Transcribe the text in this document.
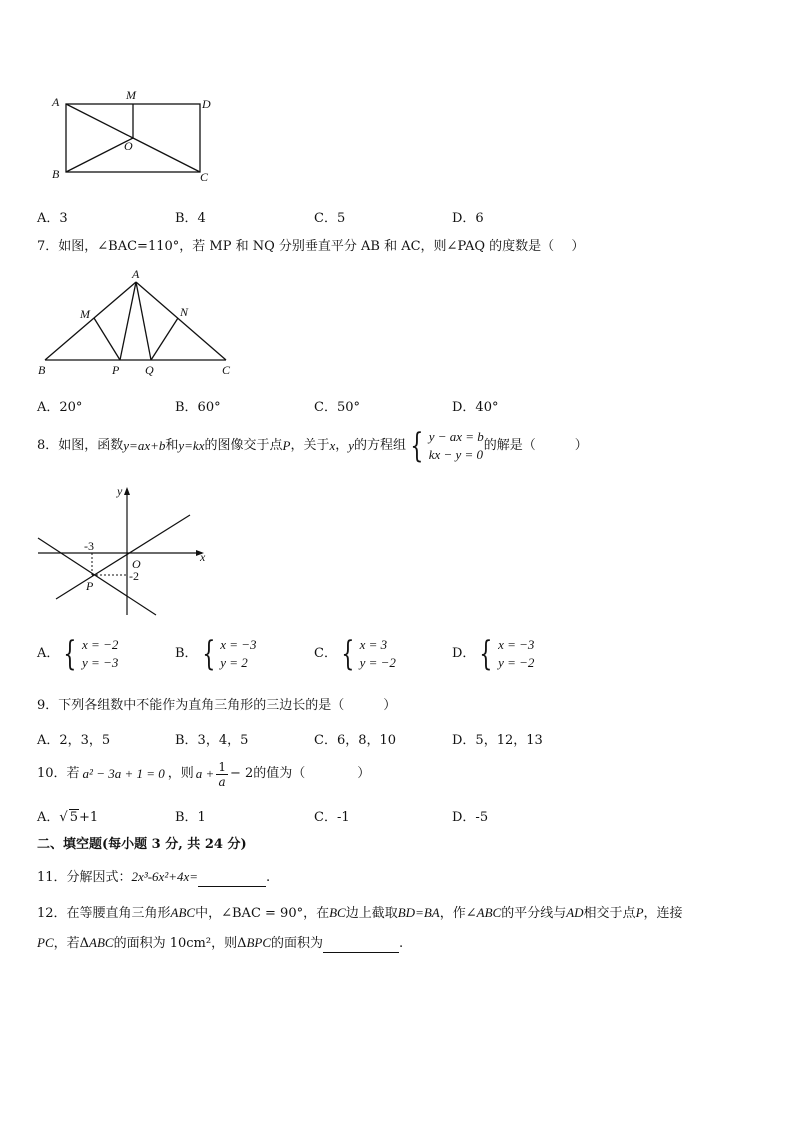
A	M
D
O
B	C
A．3	B．4	C．5	D．6
7．如图，∠BAC=110°，若 MP 和 NQ 分别垂直平分 AB 和 AC，则∠PAQ 的度数是（　 ）
A
M	N
B	P Q	C
A．20°	B．60°	C．50°	D．40°
8．如图，函数 y=ax+b 和 y=kx 的图像交于点 P ，关于 x ， y 的方程组 { y − ax = b
kx − y = 0
的解是（　　　）
y
x
O
-3
-2
P
A． { x = −2
y = −3
B． { x = −3
y = 2
C． { x = 3
y = −2
D． { x = −3
y = −2
9．下列各组数中不能作为直角三角形的三边长的是（　　　）
A．2，3，5	B．3，4，5	C．6，8，10	D．5，12，13
10．若 a² − 3a + 1 = 0 ，则 $a + \frac{1}{a} - 2$ 的值为（　　　　）
A．√ 5+1	B．1	C．-1	D．-5
二、填空题(每小题 3 分, 共 24 分)
11．分解因式：2x³-6x²+4x=	.
12．在等腰直角三角形ABC中，∠BAC = 90°，在BC边上截取BD=BA，作∠ABC的平分线与AD相交于点P，连接
PC，若ΔABC的面积为 10cm²，则ΔBPC的面积为	.
